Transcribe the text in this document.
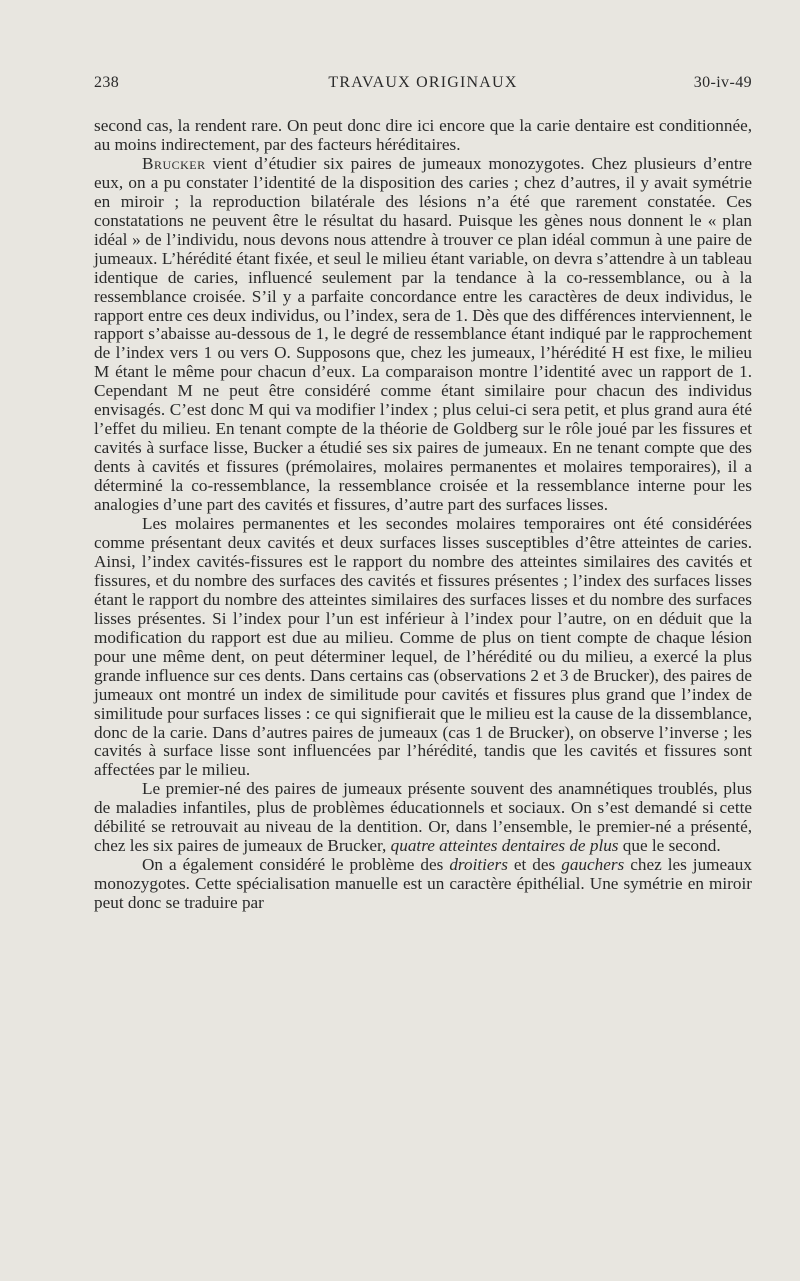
238	TRAVAUX ORIGINAUX	30-iv-49

second cas, la rendent rare. On peut donc dire ici encore que la carie dentaire est conditionnée, au moins indirectement, par des facteurs héréditaires.

Brucker vient d’étudier six paires de jumeaux monozygotes. Chez plusieurs d’entre eux, on a pu constater l’identité de la disposition des caries ; chez d’autres, il y avait symétrie en miroir ; la reproduction bilatérale des lésions n’a été que rarement constatée. Ces constatations ne peuvent être le résultat du hasard. Puisque les gènes nous donnent le « plan idéal » de l’individu, nous devons nous attendre à trouver ce plan idéal commun à une paire de jumeaux. L’hérédité étant fixée, et seul le milieu étant variable, on devra s’attendre à un tableau identique de caries, influencé seulement par la tendance à la co-ressemblance, ou à la ressemblance croisée. S’il y a parfaite concordance entre les caractères de deux individus, le rapport entre ces deux individus, ou l’index, sera de 1. Dès que des différences interviennent, le rapport s’abaisse au-dessous de 1, le degré de ressemblance étant indiqué par le rapprochement de l’index vers 1 ou vers O. Supposons que, chez les jumeaux, l’hérédité H est fixe, le milieu M étant le même pour chacun d’eux. La comparaison montre l’identité avec un rapport de 1. Cependant M ne peut être considéré comme étant similaire pour chacun des individus envisagés. C’est donc M qui va modifier l’index ; plus celui-ci sera petit, et plus grand aura été l’effet du milieu. En tenant compte de la théorie de Goldberg sur le rôle joué par les fissures et cavités à surface lisse, Bucker a étudié ses six paires de jumeaux. En ne tenant compte que des dents à cavités et fissures (prémolaires, molaires permanentes et molaires temporaires), il a déterminé la co-ressemblance, la ressemblance croisée et la ressemblance interne pour les analogies d’une part des cavités et fissures, d’autre part des surfaces lisses.

Les molaires permanentes et les secondes molaires temporaires ont été considérées comme présentant deux cavités et deux surfaces lisses susceptibles d’être atteintes de caries. Ainsi, l’index cavités-fissures est le rapport du nombre des atteintes similaires des cavités et fissures, et du nombre des surfaces des cavités et fissures présentes ; l’index des surfaces lisses étant le rapport du nombre des atteintes similaires des surfaces lisses et du nombre des surfaces lisses présentes. Si l’index pour l’un est inférieur à l’index pour l’autre, on en déduit que la modification du rapport est due au milieu. Comme de plus on tient compte de chaque lésion pour une même dent, on peut déterminer lequel, de l’hérédité ou du milieu, a exercé la plus grande influence sur ces dents. Dans certains cas (observations 2 et 3 de Brucker), des paires de jumeaux ont montré un index de similitude pour cavités et fissures plus grand que l’index de similitude pour surfaces lisses : ce qui signifierait que le milieu est la cause de la dissemblance, donc de la carie. Dans d’autres paires de jumeaux (cas 1 de Brucker), on observe l’inverse ; les cavités à surface lisse sont influencées par l’hérédité, tandis que les cavités et fissures sont affectées par le milieu.

Le premier-né des paires de jumeaux présente souvent des anamnétiques troublés, plus de maladies infantiles, plus de problèmes éducationnels et sociaux. On s’est demandé si cette débilité se retrouvait au niveau de la dentition. Or, dans l’ensemble, le premier-né a présenté, chez les six paires de jumeaux de Brucker, quatre atteintes dentaires de plus que le second.

On a également considéré le problème des droitiers et des gauchers chez les jumeaux monozygotes. Cette spécialisation manuelle est un caractère épithélial. Une symétrie en miroir peut donc se traduire par
